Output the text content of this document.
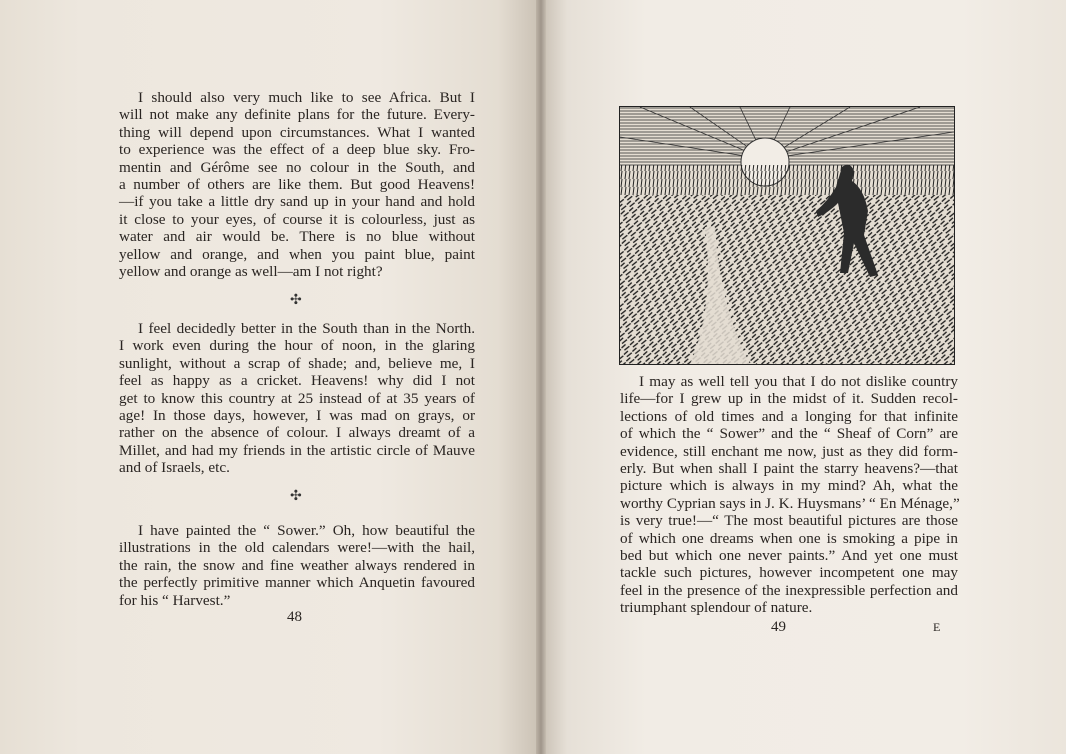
I should also very much like to see Africa. But I
will not make any definite plans for the future. Every-
thing will depend upon circumstances. What I wanted
to experience was the effect of a deep blue sky. Fro-
mentin and Gérôme see no colour in the South, and
a number of others are like them. But good Heavens!
—if you take a little dry sand up in your hand and hold
it close to your eyes, of course it is colourless, just as
water and air would be. There is no blue without
yellow and orange, and when you paint blue, paint
yellow and orange as well—am I not right?
✣
I feel decidedly better in the South than in the North.
I work even during the hour of noon, in the glaring
sunlight, without a scrap of shade; and, believe me, I
feel as happy as a cricket. Heavens! why did I not
get to know this country at 25 instead of at 35 years of
age! In those days, however, I was mad on grays, or
rather on the absence of colour. I always dreamt of a
Millet, and had my friends in the artistic circle of Mauve
and of Israels, etc.
✣
I have painted the “ Sower.” Oh, how beautiful the
illustrations in the old calendars were!—with the hail,
the rain, the snow and fine weather always rendered in
the perfectly primitive manner which Anquetin favoured
for his “ Harvest.”
48
I may as well tell you that I do not dislike country
life—for I grew up in the midst of it. Sudden recol-
lections of old times and a longing for that infinite
of which the “ Sower” and the “ Sheaf of Corn” are
evidence, still enchant me now, just as they did form-
erly. But when shall I paint the starry heavens?—that
picture which is always in my mind? Ah, what the
worthy Cyprian says in J. K. Huysmans’ “ En Ménage,”
is very true!—“ The most beautiful pictures are those
of which one dreams when one is smoking a pipe in
bed but which one never paints.” And yet one must
tackle such pictures, however incompetent one may
feel in the presence of the inexpressible perfection and
triumphant splendour of nature.
49	E
